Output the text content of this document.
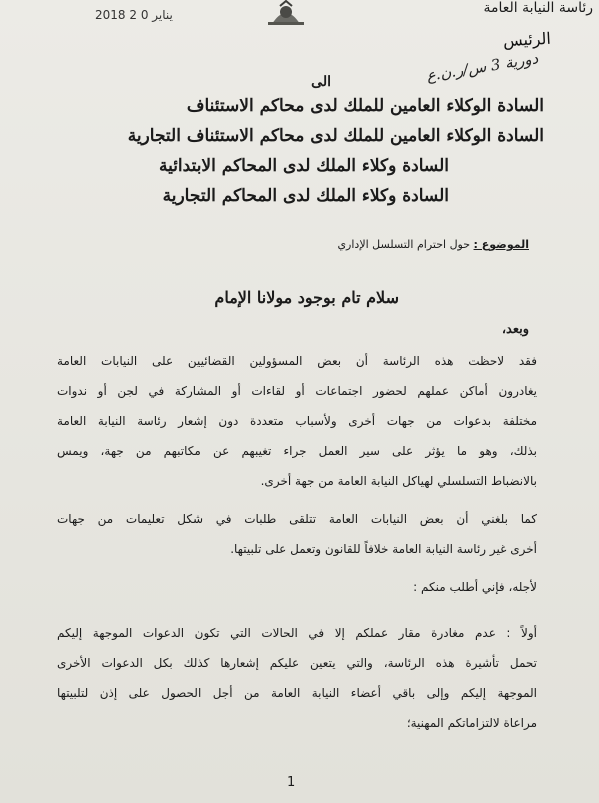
2018 يناير 0 2	رئاسة النيابة العامة
الرئيس
دورية 3 س/ر.ن.ع
الى
السادة الوكلاء العامين للملك لدى محاكم الاستئناف
السادة الوكلاء العامين للملك لدى محاكم الاستئناف التجارية
السادة وكلاء الملك لدى المحاكم الابتدائية
السادة وكلاء الملك لدى المحاكم التجارية
الموضوع : حول احترام التسلسل الإداري
سلام تام بوجود مولانا الإمام
وبعد،

فقد لاحظت هذه الرئاسة أن بعض المسؤولين القضائيين على النيابات العامة

يغادرون أماكن عملهم لحضور اجتماعات أو لقاءات أو المشاركة في لجن أو ندوات

مختلفة بدعوات من جهات أخرى ولأسباب متعددة دون إشعار رئاسة النيابة العامة

بذلك، وهو ما يؤثر على سير العمل جراء تغيبهم عن مكاتبهم من جهة، ويمس

بالانضباط التسلسلي لهياكل النيابة العامة من جهة أخرى.

كما بلغني أن بعض النيابات العامة تتلقى طلبات في شكل تعليمات من جهات

أخرى غير رئاسة النيابة العامة خلافاً للقانون وتعمل على تلبيتها.

لأجله، فإني أطلب منكم :

أولاً : عدم مغادرة مقار عملكم إلا في الحالات التي تكون الدعوات الموجهة إليكم

تحمل تأشيرة هذه الرئاسة، والتي يتعين عليكم إشعارها كذلك بكل الدعوات الأخرى

الموجهة إليكم وإلى باقي أعضاء النيابة العامة من أجل الحصول على إذن لتلبيتها

مراعاة لالتزاماتكم المهنية؛

1
